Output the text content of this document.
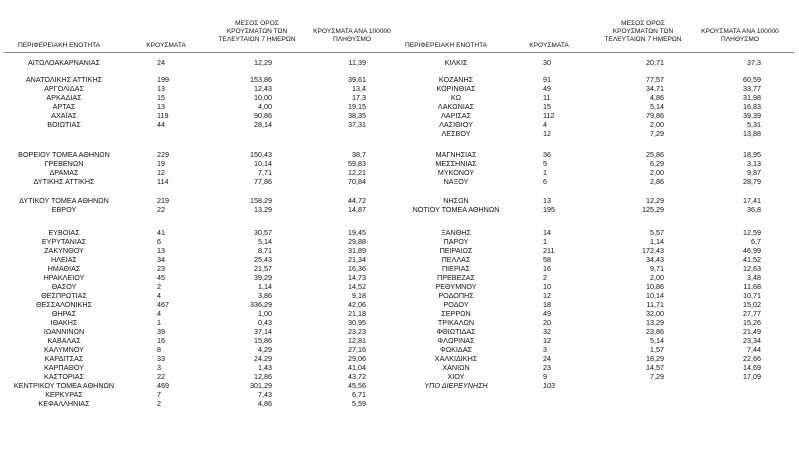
ΠΕΡΙΦΕΡΕΙΑΚΗ ΕΝΟΤΗΤΑ	ΚΡΟΥΣΜΑΤΑ
ΜΕΣΟΣ ΟΡΟΣ
ΚΡΟΥΣΜΑΤΩΝ ΤΩΝ
ΤΕΛΕΥΤΑΙΩΝ 7 ΗΜΕΡΩΝ
ΚΡΟΥΣΜΑΤΑ ΑΝΑ 100000
ΠΛΗΘΥΣΜΟ
ΠΕΡΙΦΕΡΕΙΑΚΗ ΕΝΟΤΗΤΑ	ΚΡΟΥΣΜΑΤΑ
ΜΕΣΟΣ ΟΡΟΣ
ΚΡΟΥΣΜΑΤΩΝ ΤΩΝ
ΤΕΛΕΥΤΑΙΩΝ 7 ΗΜΕΡΩΝ
ΚΡΟΥΣΜΑΤΑ ΑΝΑ 100000
ΠΛΗΘΥΣΜΟ
ΑΙΤΩΛΟΑΚΑΡΝΑΝΙΑΣ	24	12,29	11,39
ΑΝΑΤΟΛΙΚΗΣ ΑΤΤΙΚΗΣ	199	153,86	39,61
ΑΡΓΟΛΙΔΑΣ	13	12,43	13,4
ΑΡΚΑΔΙΑΣ	15	10,00	17,3
ΑΡΤΑΣ	13	4,00	19,15
ΑΧΑΪΑΣ	119	90,86	38,35
ΒΟΙΩΤΙΑΣ	44	28,14	37,31
ΒΟΡΕΙΟΥ ΤΟΜΕΑ ΑΘΗΝΩΝ	229	150,43	38,7
ΓΡΕΒΕΝΩΝ	19	10,14	59,83
ΔΡΑΜΑΣ	12	7,71	12,21
ΔΥΤΙΚΗΣ ΑΤΤΙΚΗΣ	114	77,86	70,84
ΔΥΤΙΚΟΥ ΤΟΜΕΑ ΑΘΗΝΩΝ	219	158,29	44,72
ΕΒΡΟΥ	22	13,29	14,87
ΕΥΒΟΙΑΣ	41	30,57	19,45
ΕΥΡΥΤΑΝΙΑΣ	6	5,14	29,88
ΖΑΚΥΝΘΟΥ	13	8,71	31,89
ΗΛΕΙΑΣ	34	25,43	21,34
ΗΜΑΘΙΑΣ	23	21,57	16,36
ΗΡΑΚΛΕΙΟΥ	45	39,29	14,73
ΘΑΣΟΥ	2	1,14	14,52
ΘΕΣΠΡΩΤΙΑΣ	4	3,86	9,18
ΘΕΣΣΑΛΟΝΙΚΗΣ	467	336,29	42,06
ΘΗΡΑΣ	4	1,00	21,18
ΙΘΑΚΗΣ	1	0,43	30,95
ΙΩΑΝΝΙΝΩΝ	39	37,14	23,23
ΚΑΒΑΛΑΣ	16	15,86	12,81
ΚΑΛΥΜΝΟΥ	8	4,29	27,16
ΚΑΡΔΙΤΣΑΣ	33	24,29	29,06
ΚΑΡΠΑΘΟΥ	3	1,43	41,04
ΚΑΣΤΟΡΙΑΣ	22	12,86	43,72
ΚΕΝΤΡΙΚΟΥ ΤΟΜΕΑ ΑΘΗΝΩΝ	469	301,29	45,56
ΚΕΡΚΥΡΑΣ	7	7,43	6,71
ΚΕΦΑΛΛΗΝΙΑΣ	2	4,86	5,59
ΚΙΛΚΙΣ	30	20,71	37,3
ΚΟΖΑΝΗΣ	91	77,57	60,59
ΚΟΡΙΝΘΙΑΣ	49	34,71	33,77
ΚΩ	11	4,86	31,98
ΛΑΚΩΝΙΑΣ	15	5,14	16,83
ΛΑΡΙΣΑΣ	112	79,86	39,39
ΛΑΣΙΘΙΟΥ	4	2,00	5,31
ΛΕΣΒΟΥ	12	7,29	13,88
ΜΑΓΝΗΣΙΑΣ	36	25,86	18,95
ΜΕΣΣΗΝΙΑΣ	5	6,29	3,13
ΜΥΚΟΝΟΥ	1	2,00	9,87
ΝΑΞΟΥ	6	2,86	28,79
ΝΗΣΩΝ	13	12,29	17,41
ΝΟΤΙΟΥ ΤΟΜΕΑ ΑΘΗΝΩΝ	195	125,29	36,8
ΞΑΝΘΗΣ	14	5,57	12,59
ΠΑΡΟΥ	1	1,14	6,7
ΠΕΙΡΑΙΩΣ	211	172,43	46,99
ΠΕΛΛΑΣ	58	34,43	41,52
ΠΙΕΡΙΑΣ	16	9,71	12,63
ΠΡΕΒΕΖΑΣ	2	2,00	3,48
ΡΕΘΥΜΝΟΥ	10	10,86	11,68
ΡΟΔΟΠΗΣ	12	10,14	10,71
ΡΟΔΟΥ	18	11,71	15,02
ΣΕΡΡΩΝ	49	32,00	27,77
ΤΡΙΚΑΛΩΝ	20	13,29	15,26
ΦΘΙΩΤΙΔΑΣ	32	23,86	21,49
ΦΛΩΡΙΝΑΣ	12	5,14	23,34
ΦΩΚΙΔΑΣ	3	1,57	7,44
ΧΑΛΚΙΔΙΚΗΣ	24	18,29	22,66
ΧΑΝΙΩΝ	23	14,57	14,69
ΧΙΟΥ	9	7,29	17,09
ΥΠΟ ΔΙΕΡΕΥΝΗΣΗ	103
